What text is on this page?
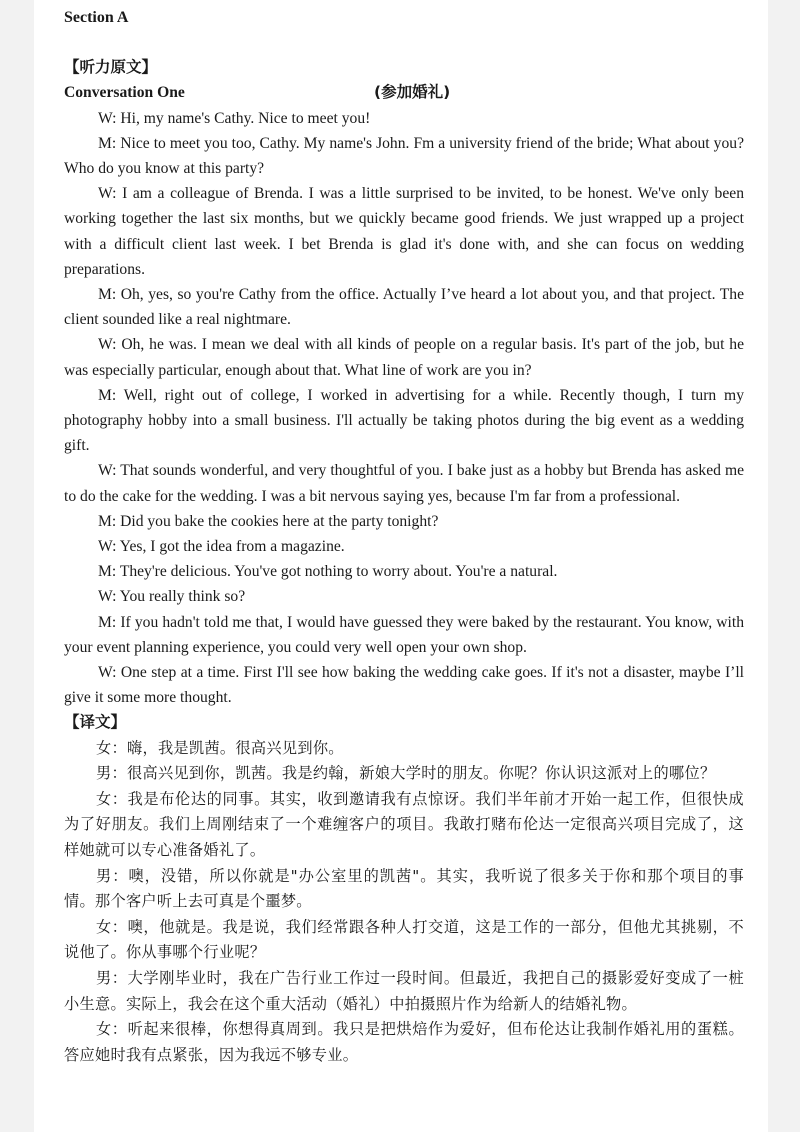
Section A
【听力原文】
Conversation One	(参加婚礼)

W: Hi, my name's Cathy. Nice to meet you!

M: Nice to meet you too, Cathy. My name's John. Fm a university friend of the bride; What about you? Who do you know at this party?

W: I am a colleague of Brenda. I was a little surprised to be invited, to be honest. We've only been working together the last six months, but we quickly became good friends. We just wrapped up a project with a difficult client last week. I bet Brenda is glad it's done with, and she can focus on wedding preparations.

M: Oh, yes, so you're Cathy from the office. Actually I’ve heard a lot about you, and that project. The client sounded like a real nightmare.

W: Oh, he was. I mean we deal with all kinds of people on a regular basis. It's part of the job, but he was especially particular, enough about that. What line of work are you in?

M: Well, right out of college, I worked in advertising for a while. Recently though, I turn my photography hobby into a small business. I'll actually be taking photos during the big event as a wedding gift.

W: That sounds wonderful, and very thoughtful of you. I bake just as a hobby but Brenda has asked me to do the cake for the wedding. I was a bit nervous saying yes, because I'm far from a professional.

M: Did you bake the cookies here at the party tonight?

W: Yes, I got the idea from a magazine.

M: They're delicious. You've got nothing to worry about. You're a natural.

W: You really think so?

M: If you hadn't told me that, I would have guessed they were baked by the restaurant. You know, with your event planning experience, you could very well open your own shop.

W: One step at a time. First I'll see how baking the wedding cake goes. If it's not a disaster, maybe I’ll give it some more thought.

【译文】

女：嗨，我是凯茜。很高兴见到你。

男：很高兴见到你，凯茜。我是约翰，新娘大学时的朋友。你呢？你认识这派对上的哪位？

女：我是布伦达的同事。其实，收到邀请我有点惊讶。我们半年前才开始一起工作，但很快成为了好朋友。我们上周刚结束了一个难缠客户的项目。我敢打赌布伦达一定很高兴项目完成了，这样她就可以专心准备婚礼了。

男：噢，没错，所以你就是"办公室里的凯茜"。其实，我听说了很多关于你和那个项目的事情。那个客户听上去可真是个噩梦。

女：噢，他就是。我是说，我们经常跟各种人打交道，这是工作的一部分，但他尤其挑剔，不说他了。你从事哪个行业呢？

男：大学刚毕业时，我在广告行业工作过一段时间。但最近，我把自己的摄影爱好变成了一桩小生意。实际上，我会在这个重大活动（婚礼）中拍摄照片作为给新人的结婚礼物。

女：听起来很棒，你想得真周到。我只是把烘焙作为爱好，但布伦达让我制作婚礼用的蛋糕。答应她时我有点紧张，因为我远不够专业。
